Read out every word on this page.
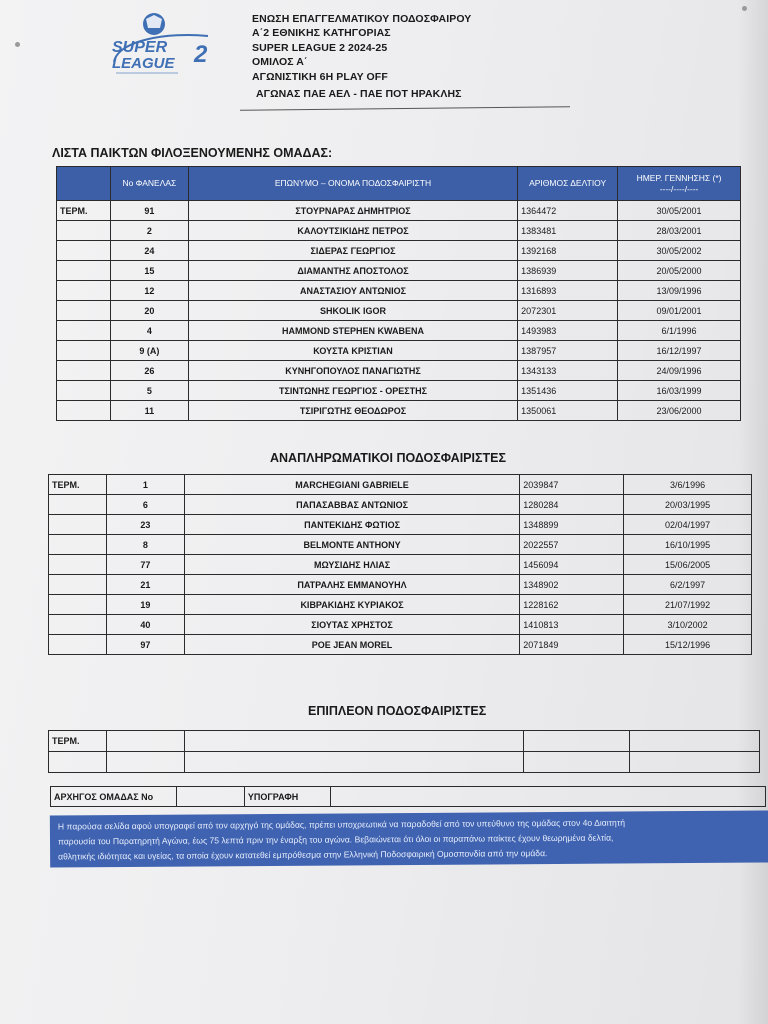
SUPER
LEAGUE 2
ΕΝΩΣΗ ΕΠΑΓΓΕΛΜΑΤΙΚΟΥ ΠΟΔΟΣΦΑΙΡΟΥ
Α΄2 ΕΘΝΙΚΗΣ ΚΑΤΗΓΟΡΙΑΣ
SUPER LEAGUE 2 2024-25
ΟΜΙΛΟΣ Α΄
ΑΓΩΝΙΣΤΙΚΗ 6Η PLAY OFF
ΑΓΩΝΑΣ ΠΑΕ ΑΕΛ - ΠΑΕ ΠΟΤ ΗΡΑΚΛΗΣ
ΛΙΣΤΑ ΠΑΙΚΤΩΝ ΦΙΛΟΞΕΝΟΥΜΕΝΗΣ ΟΜΑΔΑΣ:
	No ΦΑΝΕΛΑΣ	ΕΠΩΝΥΜΟ – ΟΝΟΜΑ ΠΟΔΟΣΦΑΙΡΙΣΤΗ	ΑΡΙΘΜΟΣ ΔΕΛΤΙΟΥ	ΗΜΕΡ. ΓΕΝΝΗΣΗΣ (*)
----/----/----
ΤΕΡΜ.	91	ΣΤΟΥΡΝΑΡΑΣ ΔΗΜΗΤΡΙΟΣ	1364472	30/05/2001
	2	ΚΑΛΟΥΤΣΙΚΙΔΗΣ ΠΕΤΡΟΣ	1383481	28/03/2001
	24	ΣΙΔΕΡΑΣ ΓΕΩΡΓΙΟΣ	1392168	30/05/2002
	15	ΔΙΑΜΑΝΤΗΣ ΑΠΟΣΤΟΛΟΣ	1386939	20/05/2000
	12	ΑΝΑΣΤΑΣΙΟΥ ΑΝΤΩΝΙΟΣ	1316893	13/09/1996
	20	SHKOLIK IGOR	2072301	09/01/2001
	4	HAMMOND STEPHEN KWABENA	1493983	6/1/1996
	9 (A)	ΚΟΥΣΤΑ ΚΡΙΣΤΙΑΝ	1387957	16/12/1997
	26	ΚΥΝΗΓΟΠΟΥΛΟΣ ΠΑΝΑΓΙΩΤΗΣ	1343133	24/09/1996
	5	ΤΣΙΝΤΩΝΗΣ ΓΕΩΡΓΙΟΣ - ΟΡΕΣΤΗΣ	1351436	16/03/1999
	11	ΤΣΙΡΙΓΩΤΗΣ ΘΕΟΔΩΡΟΣ	1350061	23/06/2000
ΑΝΑΠΛΗΡΩΜΑΤΙΚΟΙ ΠΟΔΟΣΦΑΙΡΙΣΤΕΣ
ΤΕΡΜ.	1	MARCHEGIANI GABRIELE	2039847	3/6/1996
	6	ΠΑΠΑΣΑΒΒΑΣ ΑΝΤΩΝΙΟΣ	1280284	20/03/1995
	23	ΠΑΝΤΕΚΙΔΗΣ ΦΩΤΙΟΣ	1348899	02/04/1997
	8	BELMONTE ANTHONY	2022557	16/10/1995
	77	ΜΩΥΣΙΔΗΣ ΗΛΙΑΣ	1456094	15/06/2005
	21	ΠΑΤΡΑΛΗΣ ΕΜΜΑΝΟΥΗΛ	1348902	6/2/1997
	19	ΚΙΒΡΑΚΙΔΗΣ ΚΥΡΙΑΚΟΣ	1228162	21/07/1992
	40	ΣΙΟΥΤΑΣ ΧΡΗΣΤΟΣ	1410813	3/10/2002
	97	POE JEAN MOREL	2071849	15/12/1996
ΕΠΙΠΛΕΟΝ ΠΟΔΟΣΦΑΙΡΙΣΤΕΣ
ΤΕΡΜ.				

ΑΡΧΗΓΟΣ ΟΜΑΔΑΣ No		ΥΠΟΓΡΑΦΗ	
Η παρούσα σελίδα αφού υπογραφεί από τον αρχηγό της ομάδας, πρέπει υποχρεωτικά να παραδοθεί από τον υπεύθυνο της ομάδας στον 4ο Διαιτητή
παρουσία του Παρατηρητή Αγώνα, έως 75 λεπτά πριν την έναρξη του αγώνα. Βεβαιώνεται ότι όλοι οι παραπάνω παίκτες έχουν θεωρημένα δελτία,
αθλητικής ιδιότητας και υγείας, τα οποία έχουν κατατεθεί εμπρόθεσμα στην Ελληνική Ποδοσφαιρική Ομοσπονδία από την ομάδα.
